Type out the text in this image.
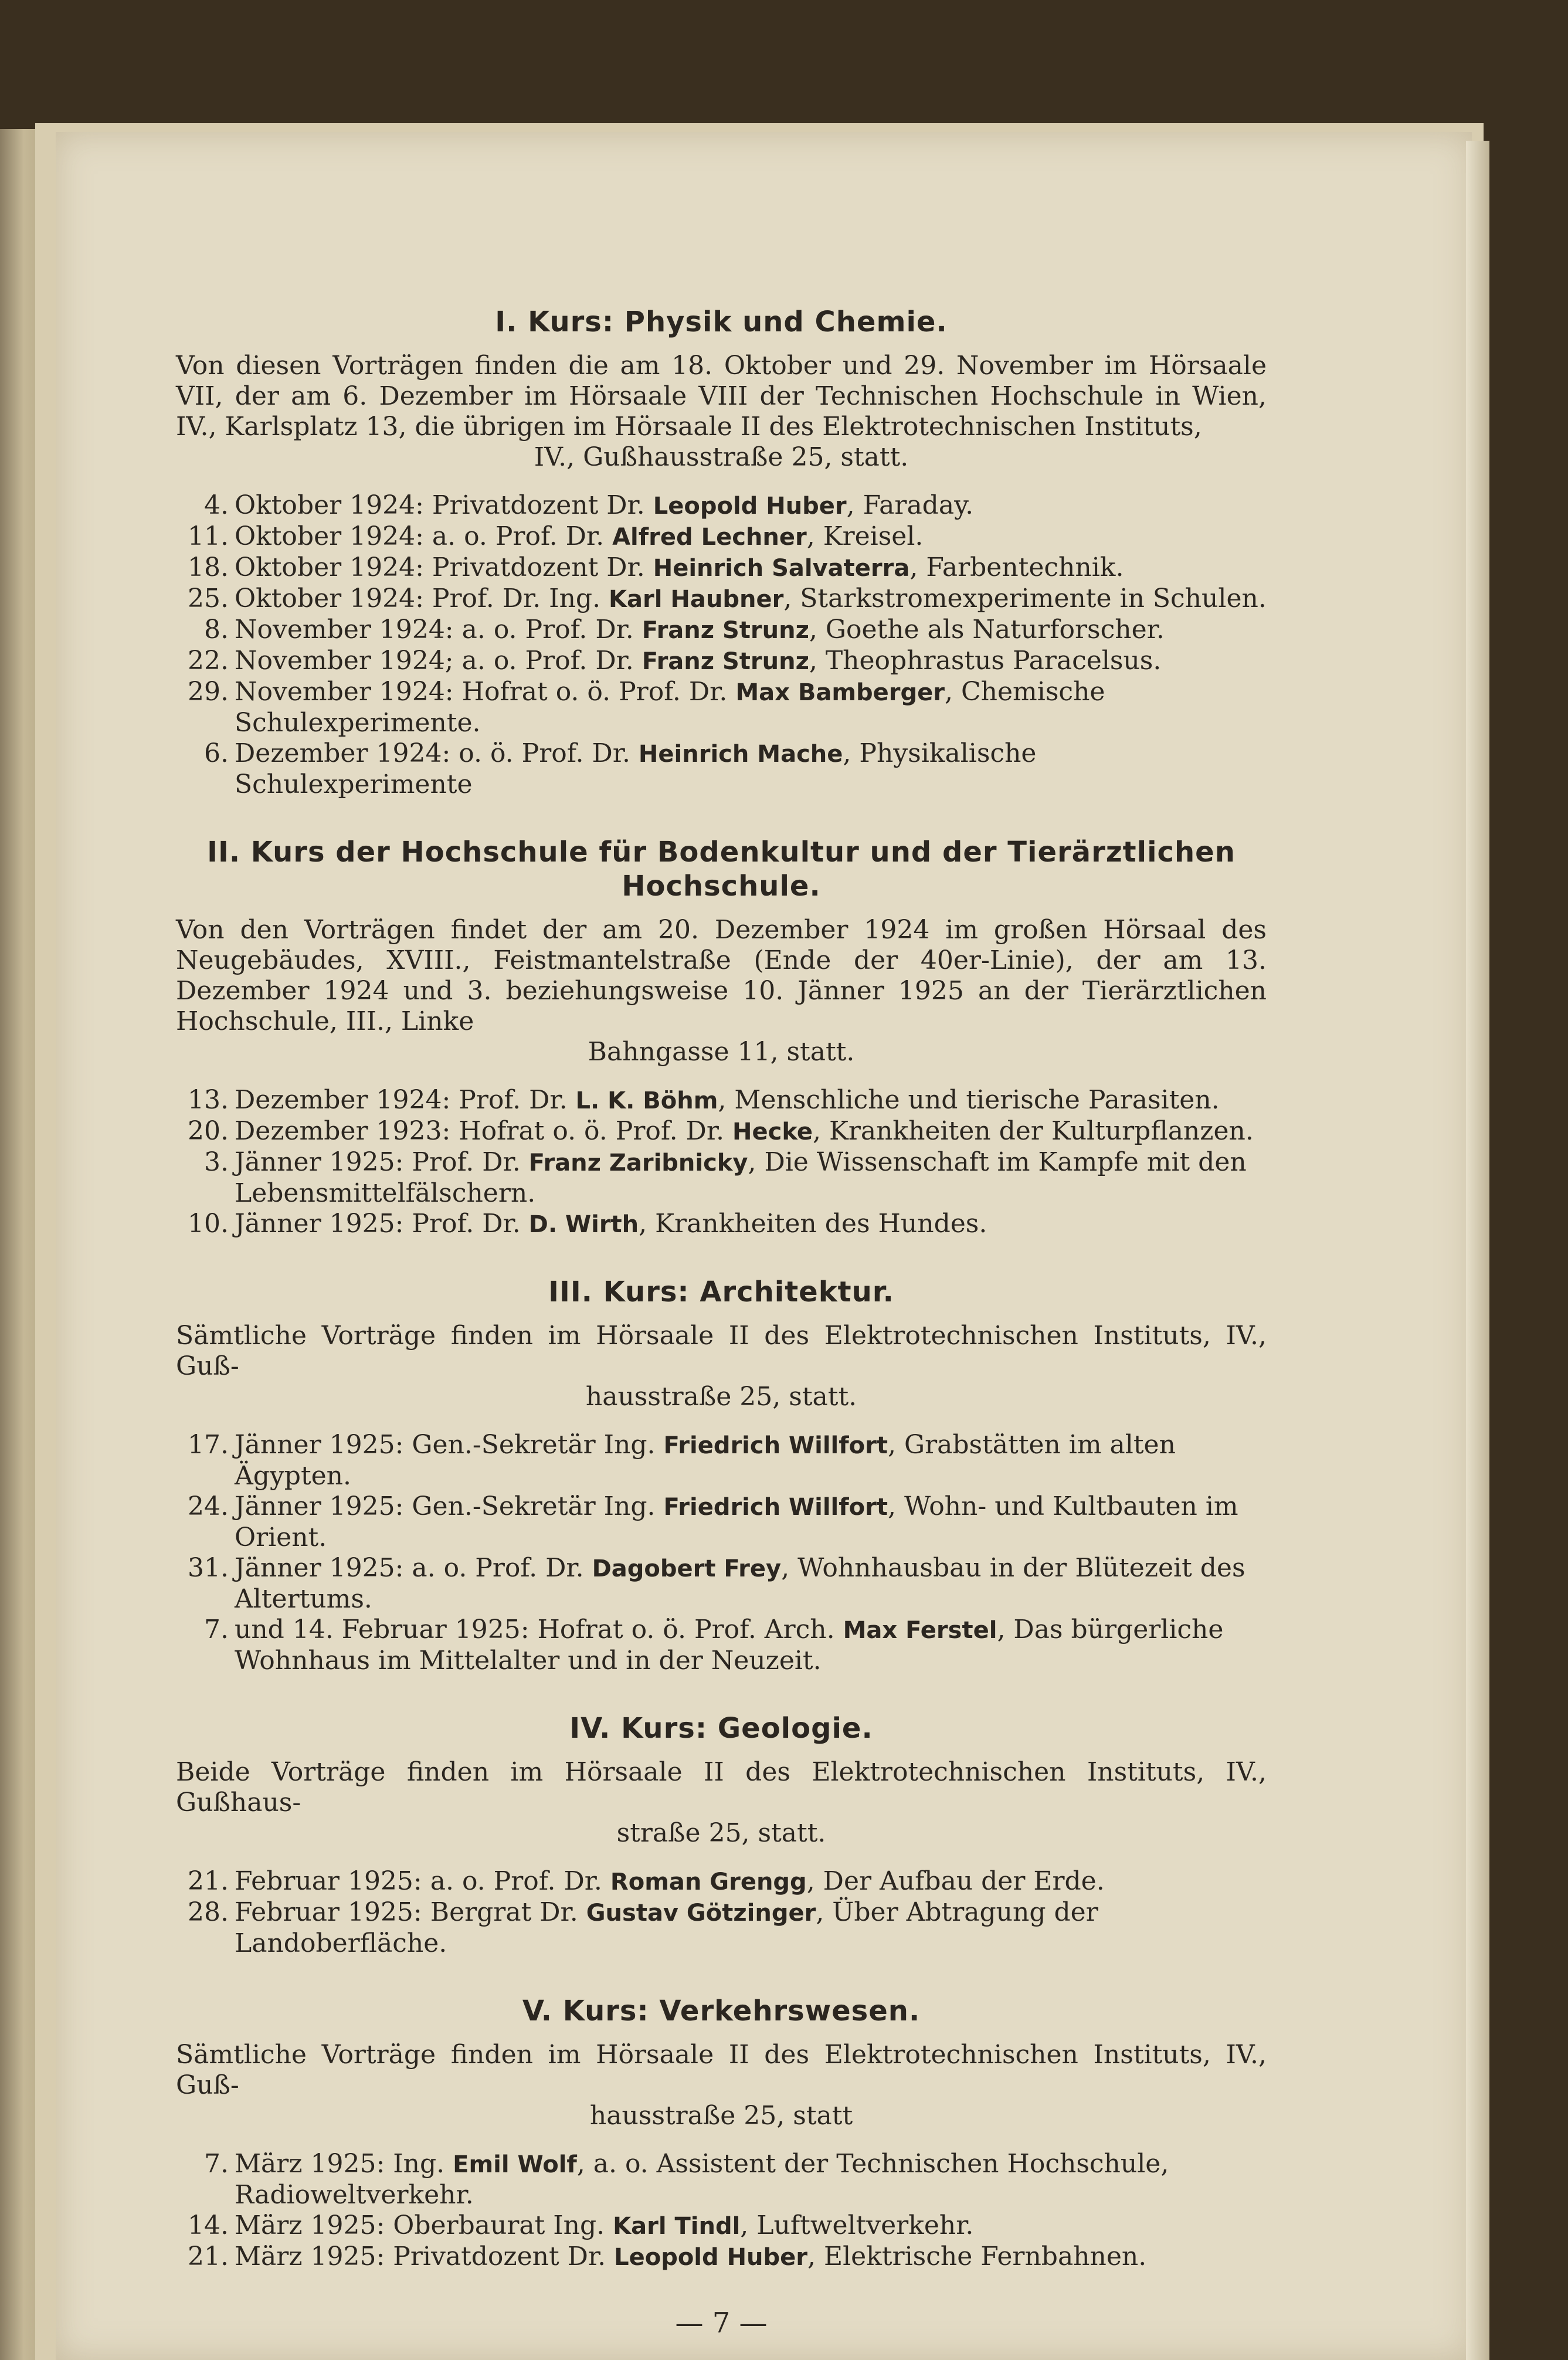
I. Kurs: Physik und Chemie.
Von diesen Vorträgen finden die am 18. Oktober und 29. November im Hörsaale VII, der am 6. Dezember im Hörsaale VIII der Technischen Hochschule in Wien, IV., Karlsplatz 13, die übrigen im Hörsaale II des Elektrotechnischen Instituts,
IV., Gußhausstraße 25, statt.
4. Oktober 1924: Privatdozent Dr. Leopold Huber, Faraday.
11. Oktober 1924: a. o. Prof. Dr. Alfred Lechner, Kreisel.
18. Oktober 1924: Privatdozent Dr. Heinrich Salvaterra, Farbentechnik.
25. Oktober 1924: Prof. Dr. Ing. Karl Haubner, Starkstromexperimente in Schulen.
8. November 1924: a. o. Prof. Dr. Franz Strunz, Goethe als Naturforscher.
22. November 1924; a. o. Prof. Dr. Franz Strunz, Theophrastus Paracelsus.
29. November 1924: Hofrat o. ö. Prof. Dr. Max Bamberger, Chemische Schulexperimente.
6. Dezember 1924: o. ö. Prof. Dr. Heinrich Mache, Physikalische Schulexperimente
II. Kurs der Hochschule für Bodenkultur und der Tierärztlichen Hochschule.
Von den Vorträgen findet der am 20. Dezember 1924 im großen Hörsaal des Neugebäudes, XVIII., Feistmantelstraße (Ende der 40er-Linie), der am 13. Dezember 1924 und 3. beziehungsweise 10. Jänner 1925 an der Tierärztlichen Hochschule, III., Linke
Bahngasse 11, statt.
13. Dezember 1924: Prof. Dr. L. K. Böhm, Menschliche und tierische Parasiten.
20. Dezember 1923: Hofrat o. ö. Prof. Dr. Hecke, Krankheiten der Kulturpflanzen.
3. Jänner 1925: Prof. Dr. Franz Zaribnicky, Die Wissenschaft im Kampfe mit den Lebensmittelfälschern.
10. Jänner 1925: Prof. Dr. D. Wirth, Krankheiten des Hundes.
III. Kurs: Architektur.
Sämtliche Vorträge finden im Hörsaale II des Elektrotechnischen Instituts, IV., Guß-
hausstraße 25, statt.
17. Jänner 1925: Gen.-Sekretär Ing. Friedrich Willfort, Grabstätten im alten Ägypten.
24. Jänner 1925: Gen.-Sekretär Ing. Friedrich Willfort, Wohn- und Kultbauten im Orient.
31. Jänner 1925: a. o. Prof. Dr. Dagobert Frey, Wohnhausbau in der Blütezeit des Altertums.
7. und 14. Februar 1925: Hofrat o. ö. Prof. Arch. Max Ferstel, Das bürgerliche Wohnhaus im Mittelalter und in der Neuzeit.
IV. Kurs: Geologie.
Beide Vorträge finden im Hörsaale II des Elektrotechnischen Instituts, IV., Gußhaus-
straße 25, statt.
21. Februar 1925: a. o. Prof. Dr. Roman Grengg, Der Aufbau der Erde.
28. Februar 1925: Bergrat Dr. Gustav Götzinger, Über Abtragung der Landoberfläche.
V. Kurs: Verkehrswesen.
Sämtliche Vorträge finden im Hörsaale II des Elektrotechnischen Instituts, IV., Guß-
hausstraße 25, statt
7. März 1925: Ing. Emil Wolf, a. o. Assistent der Technischen Hochschule, Radioweltverkehr.
14. März 1925: Oberbaurat Ing. Karl Tindl, Luftweltverkehr.
21. März 1925: Privatdozent Dr. Leopold Huber, Elektrische Fernbahnen.
— 7 —
